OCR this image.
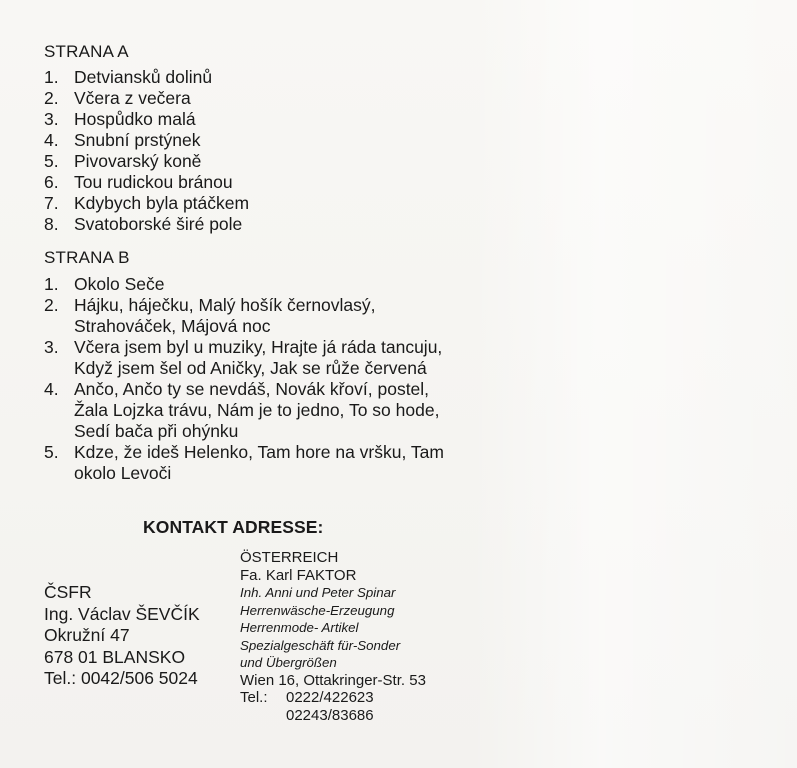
STRANA A
1. Detviansků dolinů
2. Včera z večera
3. Hospůdko malá
4. Snubní prstýnek
5. Pivovarský koně
6. Tou rudickou bránou
7. Kdybych byla ptáčkem
8. Svatoborské širé pole
STRANA B
1. Okolo Seče
2. Hájku, háječku, Malý hošík černovlasý, Strahováček, Májová noc
3. Včera jsem byl u muziky, Hrajte já ráda tancuju, Když jsem šel od Aničky, Jak se růže červená
4. Ančo, Ančo ty se nevdáš, Novák křoví, postel, Žala Lojzka trávu, Nám je to jedno, To so hode, Sedí bača při ohýnku
5. Kdze, že ideš Helenko, Tam hore na vršku, Tam okolo Levoči
KONTAKT ADRESSE:
ČSFR
Ing. Václav ŠEVČÍK
Okružní 47
678 01 BLANSKO
Tel.: 0042/506 5024
ÖSTERREICH
Fa. Karl FAKTOR
Inh. Anni und Peter Spinar
Herrenwäsche-Erzeugung
Herrenmode- Artikel
Spezialgeschäft für-Sonder
und Übergrößen
Wien 16, Ottakringer-Str. 53
Tel.:	0222/422623
02243/83686
